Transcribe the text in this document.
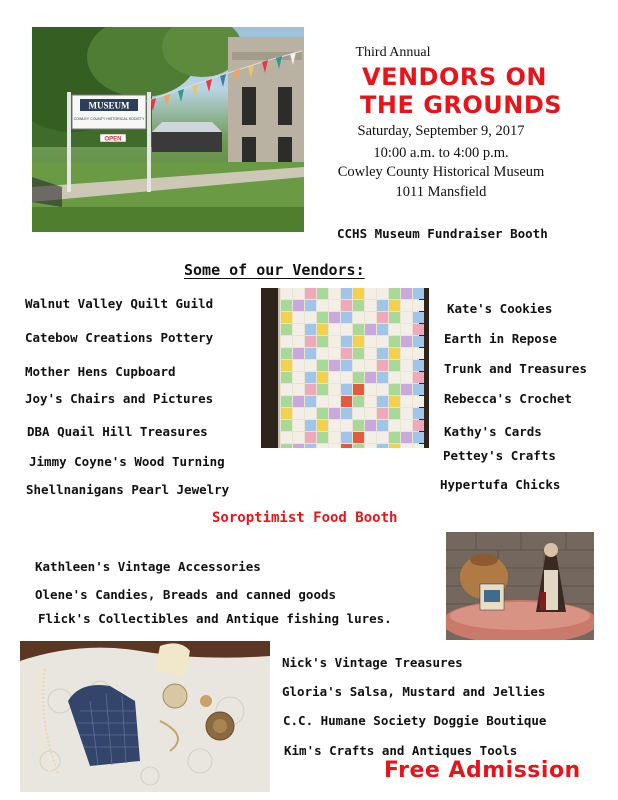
MUSEUM
COWLEY COUNTY HISTORICAL SOCIETY
OPEN
Third Annual
VENDORS ON
THE GROUNDS
Saturday, September 9, 2017
10:00 a.m. to 4:00 p.m.
Cowley County Historical Museum
1011 Mansfield
CCHS Museum Fundraiser Booth
Some of our Vendors:
Walnut Valley Quilt Guild
Catebow Creations Pottery
Mother Hens Cupboard
Joy's Chairs and Pictures
DBA Quail Hill Treasures
Jimmy Coyne's Wood Turning
Shellnanigans Pearl Jewelry
Kate's Cookies
Earth in Repose
Trunk and Treasures
Rebecca's Crochet
Kathy's Cards
Pettey's Crafts
Hypertufa Chicks
Soroptimist Food Booth
Kathleen's Vintage Accessories
Olene's Candies, Breads and canned goods
Flick's Collectibles and Antique fishing lures.
Nick's Vintage Treasures
Gloria's Salsa, Mustard and Jellies
C.C. Humane Society Doggie Boutique
Kim's Crafts and Antiques Tools
Free Admission
